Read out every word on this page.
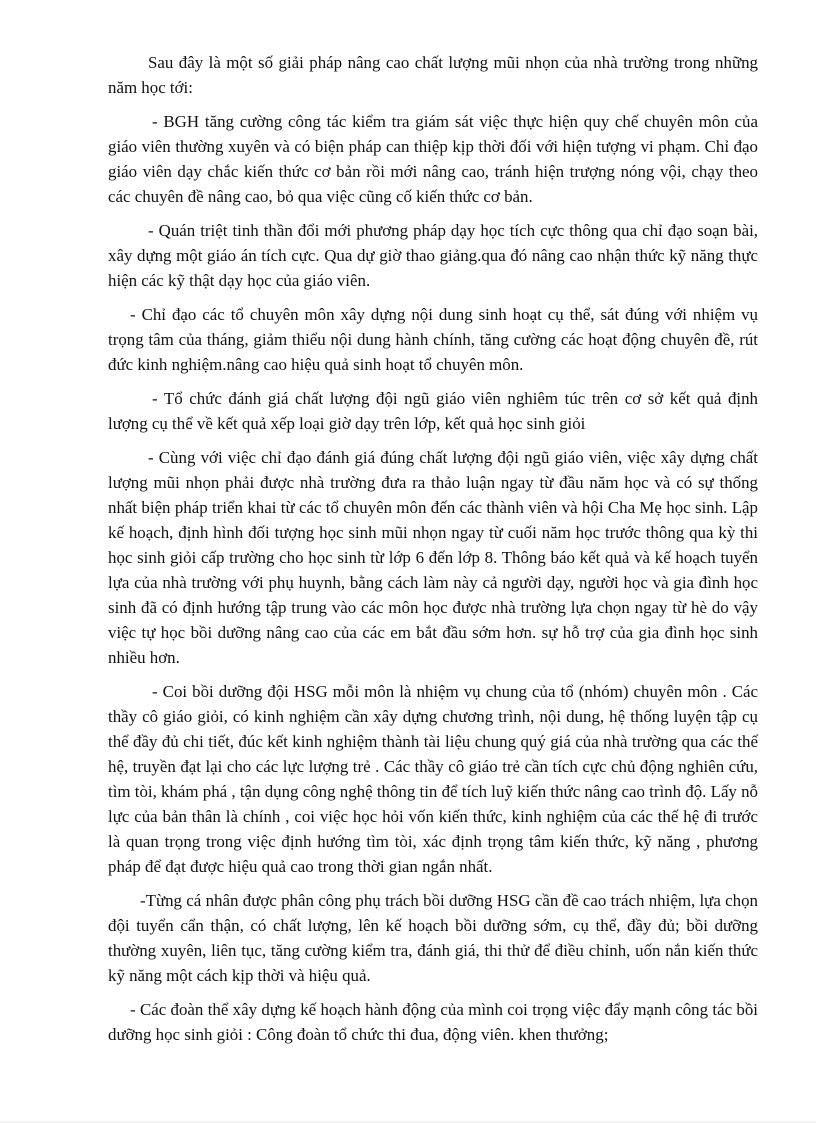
Sau đây là một số giải pháp nâng cao chất lượng mũi nhọn của nhà trường trong những năm học tới:

- BGH tăng cường công tác kiểm tra giám sát việc thực hiện quy chế chuyên môn của giáo viên thường xuyên và có biện pháp can thiệp kịp thời đối với hiện tượng vi phạm. Chỉ đạo giáo viên dạy chắc kiến thức cơ bản rồi mới nâng cao, tránh hiện trượng nóng vội, chạy theo các chuyên đề nâng cao, bỏ qua việc cũng cố kiến thức cơ bản.

- Quán triệt tinh thần đổi mới phương pháp dạy học tích cực thông qua chỉ đạo soạn bài, xây dựng một giáo án tích cực. Qua dự giờ thao giảng.qua đó nâng cao nhận thức kỹ năng thực hiện các kỹ thật dạy học của giáo viên.

- Chỉ đạo các tổ chuyên môn xây dựng nội dung sinh hoạt cụ thể, sát đúng với nhiệm vụ trọng tâm của tháng, giảm thiểu nội dung hành chính, tăng cường các hoạt động chuyên đề, rút đức kinh nghiệm.nâng cao hiệu quả sinh hoạt tổ chuyên môn.

- Tổ chức đánh giá chất lượng đội ngũ giáo viên nghiêm túc trên cơ sở kết quả định lượng cụ thể về kết quả xếp loại giờ dạy trên lớp, kết quả học sinh giỏi

- Cùng với việc chỉ đạo đánh giá đúng chất lượng đội ngũ giáo viên, việc xây dựng chất lượng mũi nhọn phải được nhà trường đưa ra thảo luận ngay từ đầu năm học và có sự thống nhất biện pháp triển khai từ các tổ chuyên môn đến các thành viên và hội Cha Mẹ học sinh. Lập kế hoạch, định hình đối tượng học sinh mũi nhọn ngay từ cuối năm học trước thông qua kỳ thi học sinh giỏi cấp trường cho học sinh từ lớp 6 đến lớp 8. Thông báo kết quả và kế hoạch tuyển lựa của nhà trường với phụ huynh, bằng cách làm này cả người dạy, người học và gia đình học sinh đã có định hướng tập trung vào các môn học được nhà trường lựa chọn ngay từ hè do vậy việc tự học bồi dưỡng nâng cao của các em bắt đầu sớm hơn. sự hỗ trợ của gia đình học sinh nhiều hơn.

- Coi bồi dưỡng đội HSG mỗi môn là nhiệm vụ chung của tổ (nhóm) chuyên môn . Các thầy cô giáo giỏi, có kinh nghiệm cần xây dựng chương trình, nội dung, hệ thống luyện tập cụ thể đầy đủ chi tiết, đúc kết kinh nghiệm thành tài liệu chung quý giá của nhà trường qua các thế hệ, truyền đạt lại cho các lực lượng trẻ . Các thầy cô giáo trẻ cần tích cực chủ động nghiên cứu, tìm tòi, khám phá , tận dụng công nghệ thông tin để tích luỹ kiến thức nâng cao trình độ. Lấy nỗ lực của bản thân là chính , coi việc học hỏi vốn kiến thức, kinh nghiệm của các thế hệ đi trước là quan trọng trong việc định hướng tìm tòi, xác định trọng tâm kiến thức, kỹ năng , phương pháp để đạt được hiệu quả cao trong thời gian ngắn nhất.

-Từng cá nhân được phân công phụ trách bồi dưỡng HSG cần đề cao trách nhiệm, lựa chọn đội tuyển cẩn thận, có chất lượng, lên kế hoạch bồi dưỡng sớm, cụ thể, đầy đủ; bồi dưỡng thường xuyên, liên tục, tăng cường kiểm tra, đánh giá, thi thử để điều chỉnh, uốn nắn kiến thức kỹ năng một cách kịp thời và hiệu quả.

- Các đoàn thể xây dựng kế hoạch hành động của mình coi trọng việc đẩy mạnh công tác bồi dưỡng học sinh giỏi : Công đoàn tổ chức thi đua, động viên. khen thưởng;
